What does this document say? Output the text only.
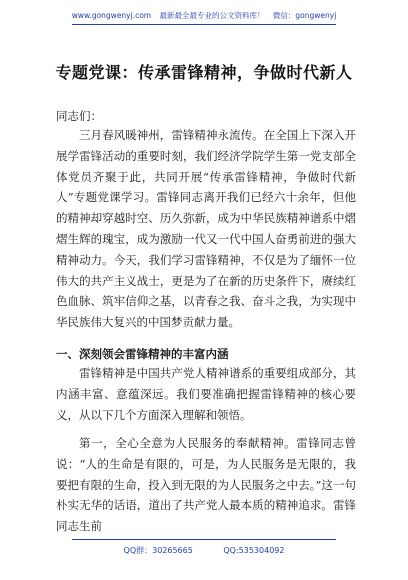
www.gongwenyj.com 最新最全最专业的公文资料库！ 微信：gongwenyj
专题党课：传承雷锋精神，争做时代新人
同志们：

三月春风暖神州，雷锋精神永流传。在全国上下深入开展学雷锋活动的重要时刻，我们经济学院学生第一党支部全体党员齐聚于此，共同开展“传承雷锋精神，争做时代新人”专题党课学习。雷锋同志离开我们已经六十余年，但他的精神却穿越时空、历久弥新，成为中华民族精神谱系中熠熠生辉的瑰宝，成为激励一代又一代中国人奋勇前进的强大精神动力。今天，我们学习雷锋精神，不仅是为了缅怀一位伟大的共产主义战士，更是为了在新的历史条件下，赓续红色血脉、筑牢信仰之基，以青春之我、奋斗之我，为实现中华民族伟大复兴的中国梦贡献力量。

一、深刻领会雷锋精神的丰富内涵

雷锋精神是中国共产党人精神谱系的重要组成部分，其内涵丰富、意蕴深远。我们要准确把握雷锋精神的核心要义，从以下几个方面深入理解和领悟。

第一，全心全意为人民服务的奉献精神。雷锋同志曾说：“人的生命是有限的，可是，为人民服务是无限的，我要把有限的生命，投入到无限的为人民服务之中去。”这一句朴实无华的话语，道出了共产党人最本质的精神追求。雷锋同志生前

QQ群：30265665	QQ:535304092
